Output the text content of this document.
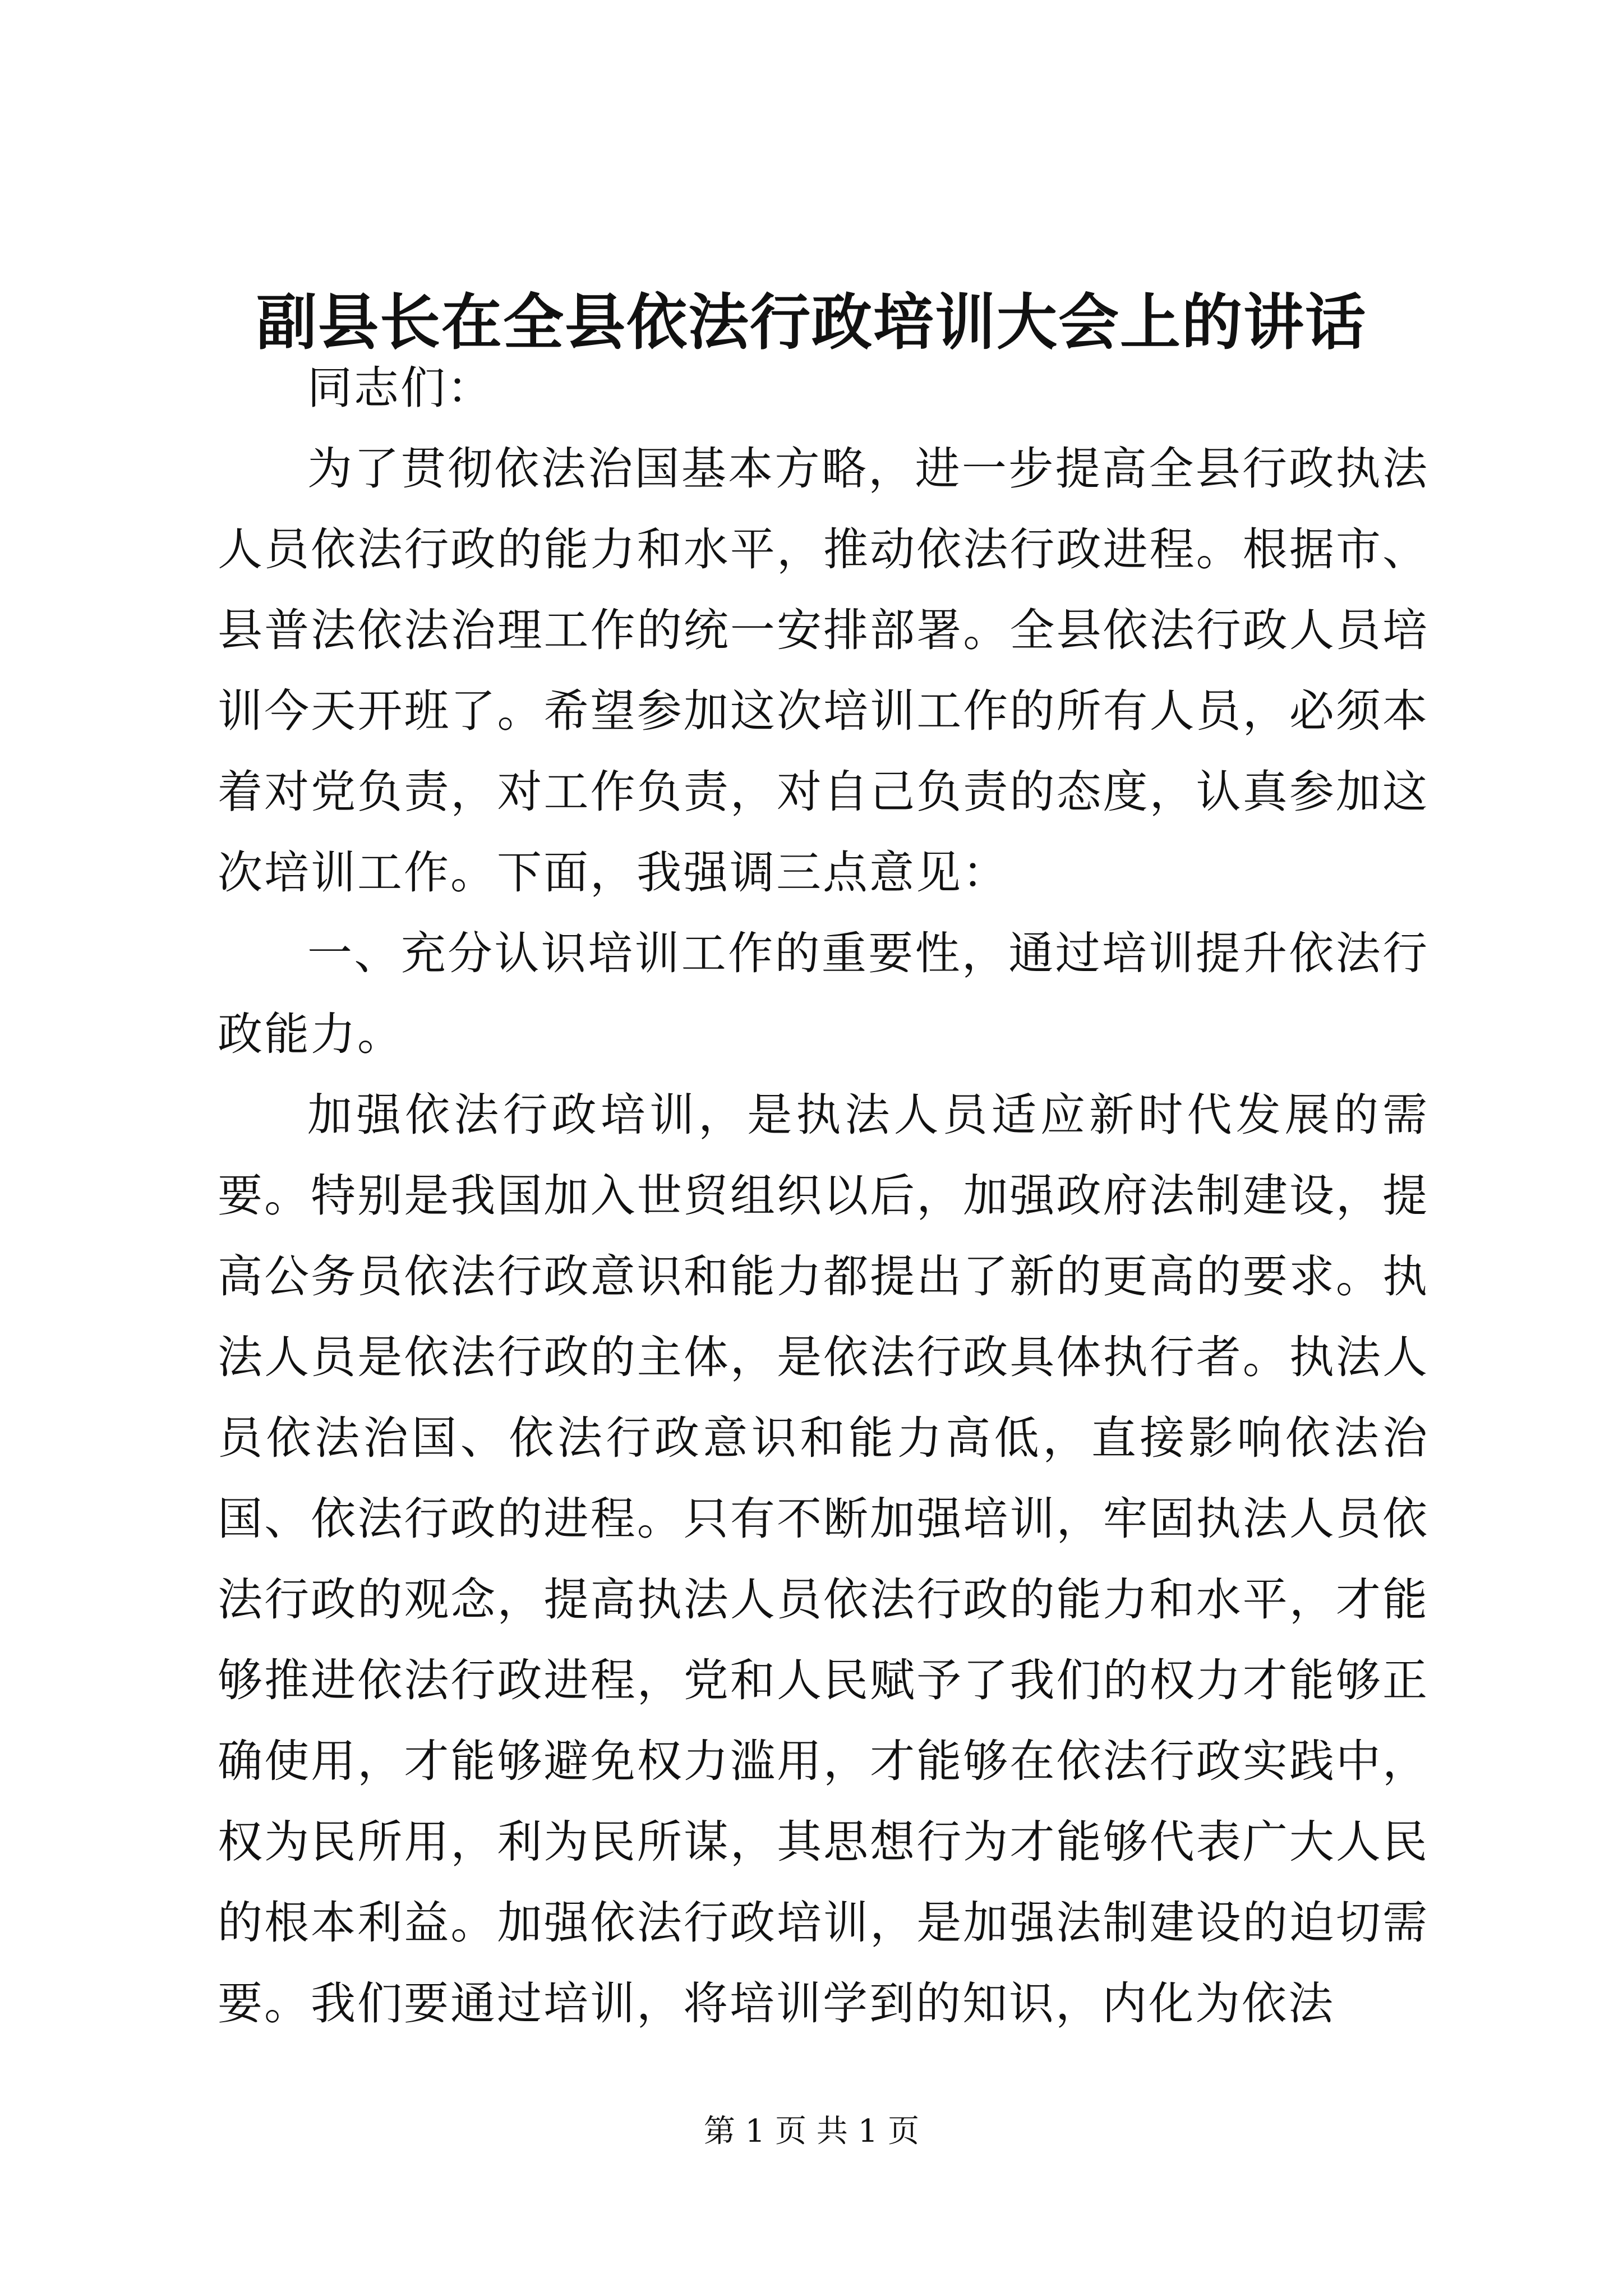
副县长在全县依法行政培训大会上的讲话

同志们：

为了贯彻依法治国基本方略，进一步提高全县行政执法人员依法行政的能力和水平，推动依法行政进程。根据市、县普法依法治理工作的统一安排部署。全县依法行政人员培训今天开班了。希望参加这次培训工作的所有人员，必须本着对党负责，对工作负责，对自己负责的态度，认真参加这次培训工作。下面，我强调三点意见：

一、充分认识培训工作的重要性，通过培训提升依法行政能力。

加强依法行政培训，是执法人员适应新时代发展的需要。特别是我国加入世贸组织以后，加强政府法制建设，提高公务员依法行政意识和能力都提出了新的更高的要求。执法人员是依法行政的主体，是依法行政具体执行者。执法人员依法治国、依法行政意识和能力高低，直接影响依法治国、依法行政的进程。只有不断加强培训，牢固执法人员依法行政的观念，提高执法人员依法行政的能力和水平，才能够推进依法行政进程，党和人民赋予了我们的权力才能够正确使用，才能够避免权力滥用，才能够在依法行政实践中，权为民所用，利为民所谋，其思想行为才能够代表广大人民的根本利益。加强依法行政培训，是加强法制建设的迫切需要。我们要通过培训，将培训学到的知识，内化为依法

第 1 页 共 1 页
